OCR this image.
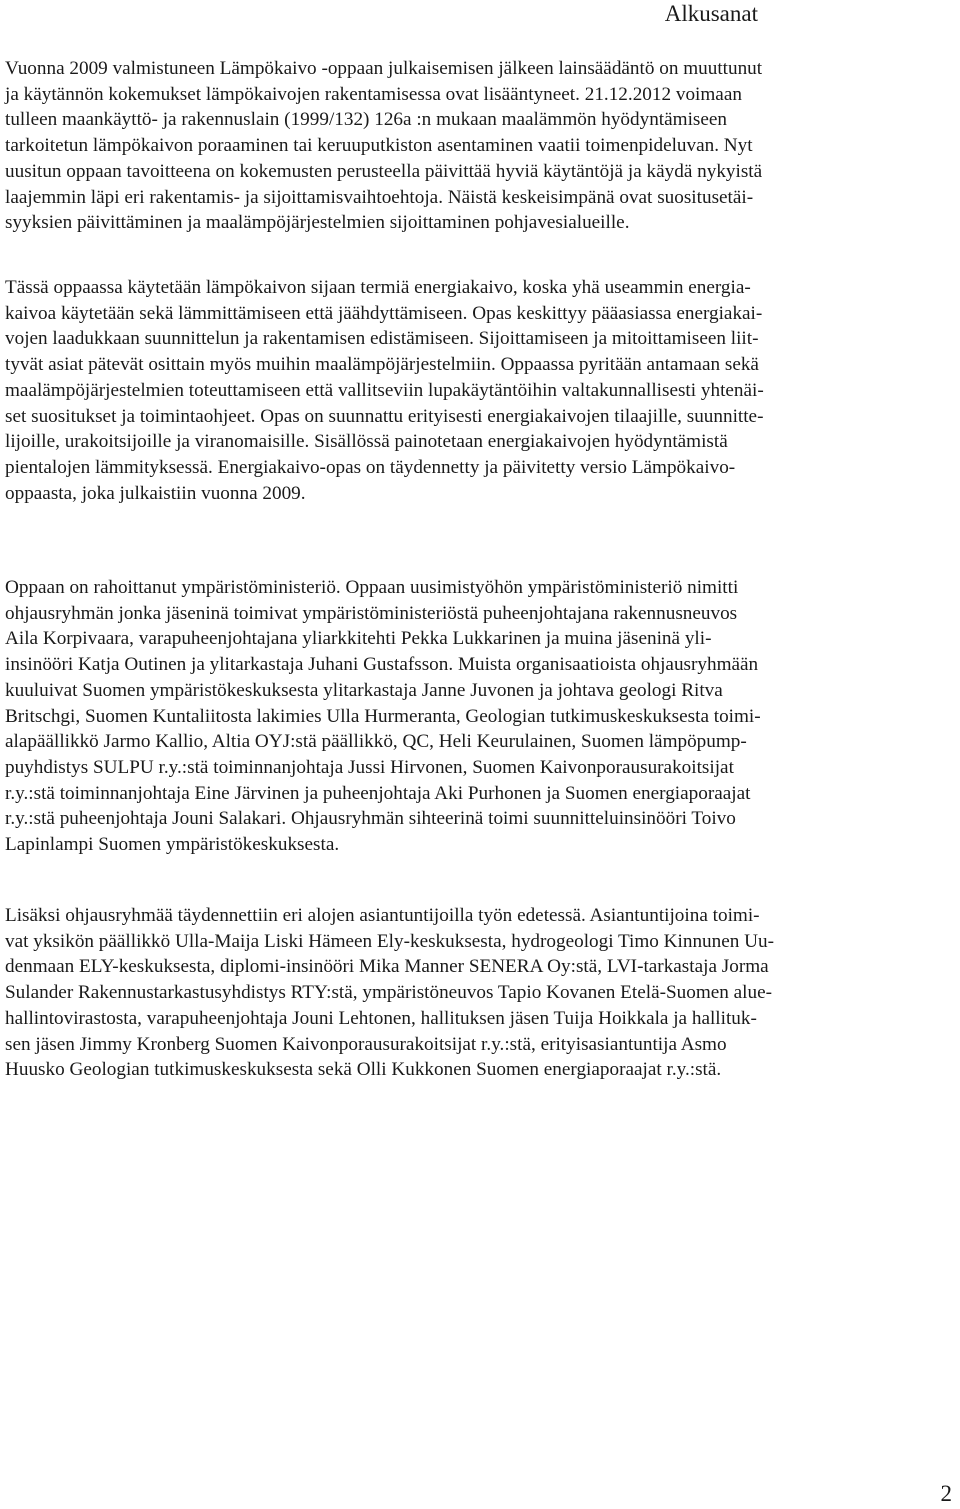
Alkusanat
Vuonna 2009 valmistuneen Lämpökaivo -oppaan julkaisemisen jälkeen lainsäädäntö on muuttunut
ja käytännön kokemukset lämpökaivojen rakentamisessa ovat lisääntyneet. 21.12.2012 voimaan
tulleen maankäyttö- ja rakennuslain (1999/132) 126a :n mukaan maalämmön hyödyntämiseen
tarkoitetun lämpökaivon poraaminen tai keruuputkiston asentaminen vaatii toimenpideluvan. Nyt
uusitun oppaan tavoitteena on kokemusten perusteella päivittää hyviä käytäntöjä ja käydä nykyistä
laajemmin läpi eri rakentamis- ja sijoittamisvaihtoehtoja. Näistä keskeisimpänä ovat suositusetäi-
syyksien päivittäminen ja maalämpöjärjestelmien sijoittaminen pohjavesialueille.
Tässä oppaassa käytetään lämpökaivon sijaan termiä energiakaivo, koska yhä useammin energia-
kaivoa käytetään sekä lämmittämiseen että jäähdyttämiseen. Opas keskittyy pääasiassa energiakai-
vojen laadukkaan suunnittelun ja rakentamisen edistämiseen. Sijoittamiseen ja mitoittamiseen liit-
tyvät asiat pätevät osittain myös muihin maalämpöjärjestelmiin. Oppaassa pyritään antamaan sekä
maalämpöjärjestelmien toteuttamiseen että vallitseviin lupakäytäntöihin valtakunnallisesti yhtenäi-
set suositukset ja toimintaohjeet. Opas on suunnattu erityisesti energiakaivojen tilaajille, suunnitte-
lijoille, urakoitsijoille ja viranomaisille. Sisällössä painotetaan energiakaivojen hyödyntämistä
pientalojen lämmityksessä. Energiakaivo-opas on täydennetty ja päivitetty versio Lämpökaivo-
oppaasta, joka julkaistiin vuonna 2009.
Oppaan on rahoittanut ympäristöministeriö. Oppaan uusimistyöhön ympäristöministeriö nimitti
ohjausryhmän jonka jäseninä toimivat ympäristöministeriöstä puheenjohtajana rakennusneuvos
Aila Korpivaara, varapuheenjohtajana yliarkkitehti Pekka Lukkarinen ja muina jäseninä yli-
insinööri Katja Outinen ja ylitarkastaja Juhani Gustafsson. Muista organisaatioista ohjausryhmään
kuuluivat Suomen ympäristökeskuksesta ylitarkastaja Janne Juvonen ja johtava geologi Ritva
Britschgi, Suomen Kuntaliitosta lakimies Ulla Hurmeranta, Geologian tutkimuskeskuksesta toimi-
alapäällikkö Jarmo Kallio, Altia OYJ:stä päällikkö, QC, Heli Keurulainen, Suomen lämpöpump-
puyhdistys SULPU r.y.:stä toiminnanjohtaja Jussi Hirvonen, Suomen Kaivonporausurakoitsijat
r.y.:stä toiminnanjohtaja Eine Järvinen ja puheenjohtaja Aki Purhonen ja Suomen energiaporaajat
r.y.:stä puheenjohtaja Jouni Salakari. Ohjausryhmän sihteerinä toimi suunnitteluinsinööri Toivo
Lapinlampi Suomen ympäristökeskuksesta.
Lisäksi ohjausryhmää täydennettiin eri alojen asiantuntijoilla työn edetessä. Asiantuntijoina toimi-
vat yksikön päällikkö Ulla-Maija Liski Hämeen Ely-keskuksesta, hydrogeologi Timo Kinnunen Uu-
denmaan ELY-keskuksesta, diplomi-insinööri Mika Manner SENERA Oy:stä, LVI-tarkastaja Jorma
Sulander Rakennustarkastusyhdistys RTY:stä, ympäristöneuvos Tapio Kovanen Etelä-Suomen alue-
hallintovirastosta, varapuheenjohtaja Jouni Lehtonen, hallituksen jäsen Tuija Hoikkala ja hallituk-
sen jäsen Jimmy Kronberg Suomen Kaivonporausurakoitsijat r.y.:stä, erityisasiantuntija Asmo
Huusko Geologian tutkimuskeskuksesta sekä Olli Kukkonen Suomen energiaporaajat r.y.:stä.
2
